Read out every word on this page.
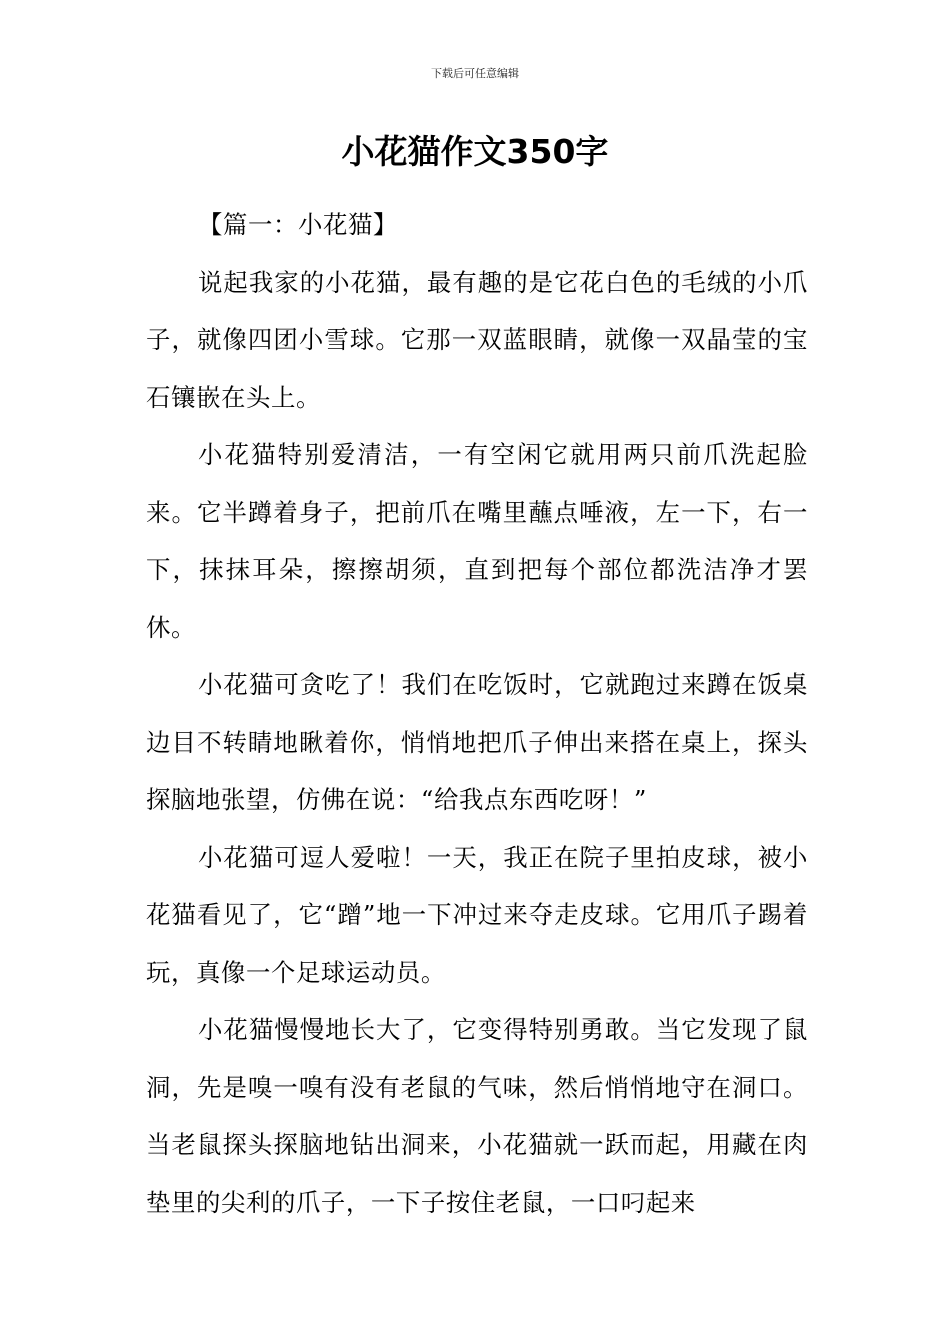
下载后可任意编辑
小花猫作文350字

【篇一：小花猫】

说起我家的小花猫，最有趣的是它花白色的毛绒的小爪子，就像四团小雪球。它那一双蓝眼睛，就像一双晶莹的宝石镶嵌在头上。

小花猫特别爱清洁，一有空闲它就用两只前爪洗起脸来。它半蹲着身子，把前爪在嘴里蘸点唾液，左一下，右一下，抹抹耳朵，擦擦胡须，直到把每个部位都洗洁净才罢休。

小花猫可贪吃了！我们在吃饭时，它就跑过来蹲在饭桌边目不转睛地瞅着你，悄悄地把爪子伸出来搭在桌上，探头探脑地张望，仿佛在说：“给我点东西吃呀！”

小花猫可逗人爱啦！一天，我正在院子里拍皮球，被小花猫看见了，它“蹭”地一下冲过来夺走皮球。它用爪子踢着玩，真像一个足球运动员。

小花猫慢慢地长大了，它变得特别勇敢。当它发现了鼠洞，先是嗅一嗅有没有老鼠的气味，然后悄悄地守在洞口。当老鼠探头探脑地钻出洞来，小花猫就一跃而起，用藏在肉垫里的尖利的爪子，一下子按住老鼠，一口叼起来
